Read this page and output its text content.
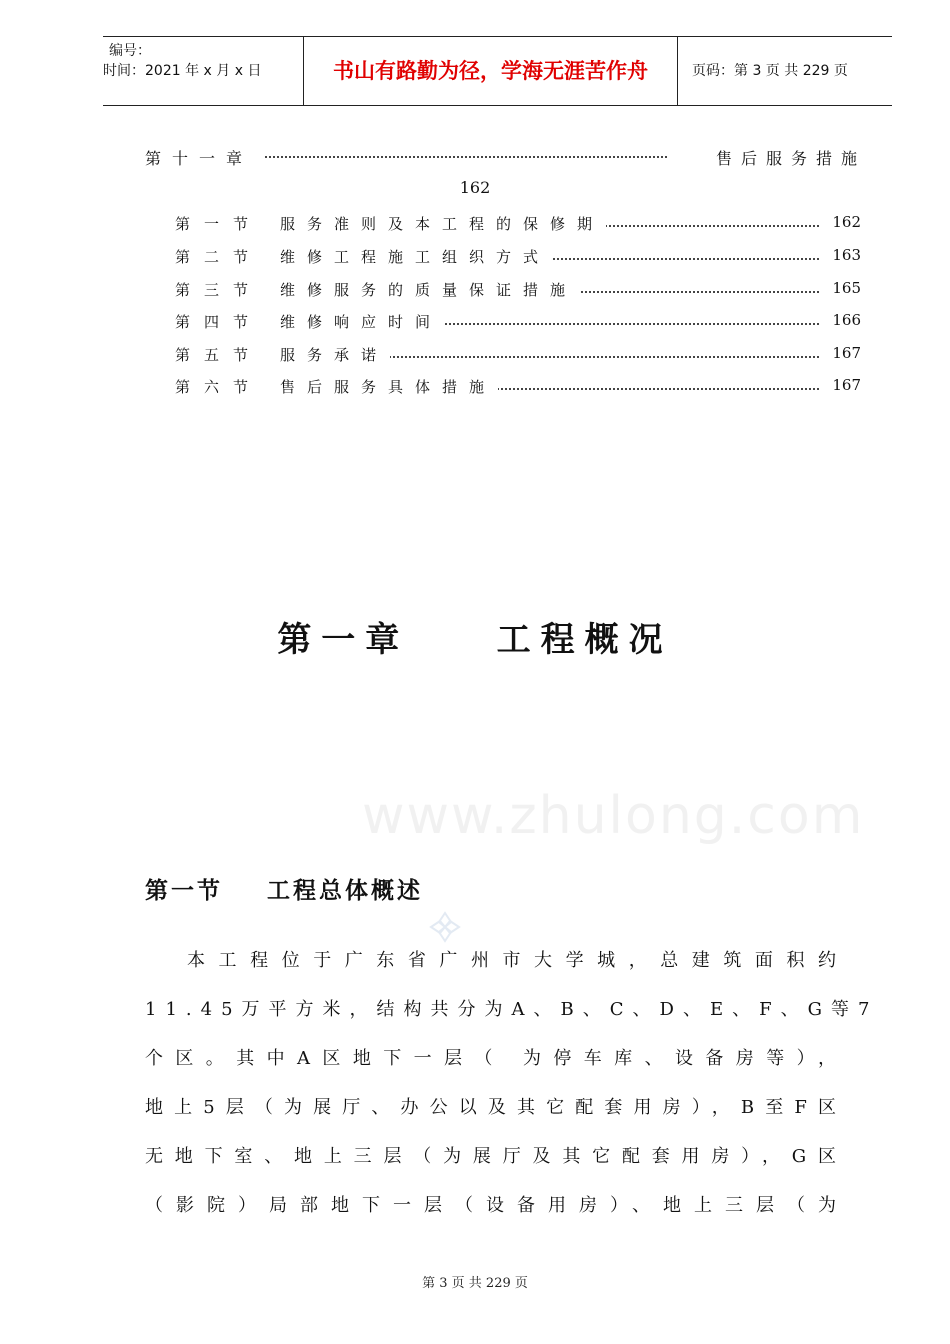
编号：
时间：2021 年 x 月 x 日	书山有路勤为径，学海无涯苦作舟	页码：第 3 页 共 229 页
第十一章	售后服务措施
162
第一节 服务准则及本工程的保修期	162
第二节 维修工程施工组织方式	163
第三节 维修服务的质量保证措施	165
第四节 维修响应时间	166
第五节 服务承诺	167
第六节 售后服务具体措施	167
第一章    工程概况
www.zhulong.com
第一节    工程总体概述
本工程位于广东省广州市大学城，总建筑面积约
11.45万平方米，结构共分为A、B、C、D、E、F、G等7
个区。其中A区地下一层（ 为停车库、设备房等），
地上5层（为展厅、办公以及其它配套用房），B至F区
无地下室、地上三层（为展厅及其它配套用房），G区
（影院）局部地下一层（设备用房）、地上三层（为
第 3 页 共 229 页
